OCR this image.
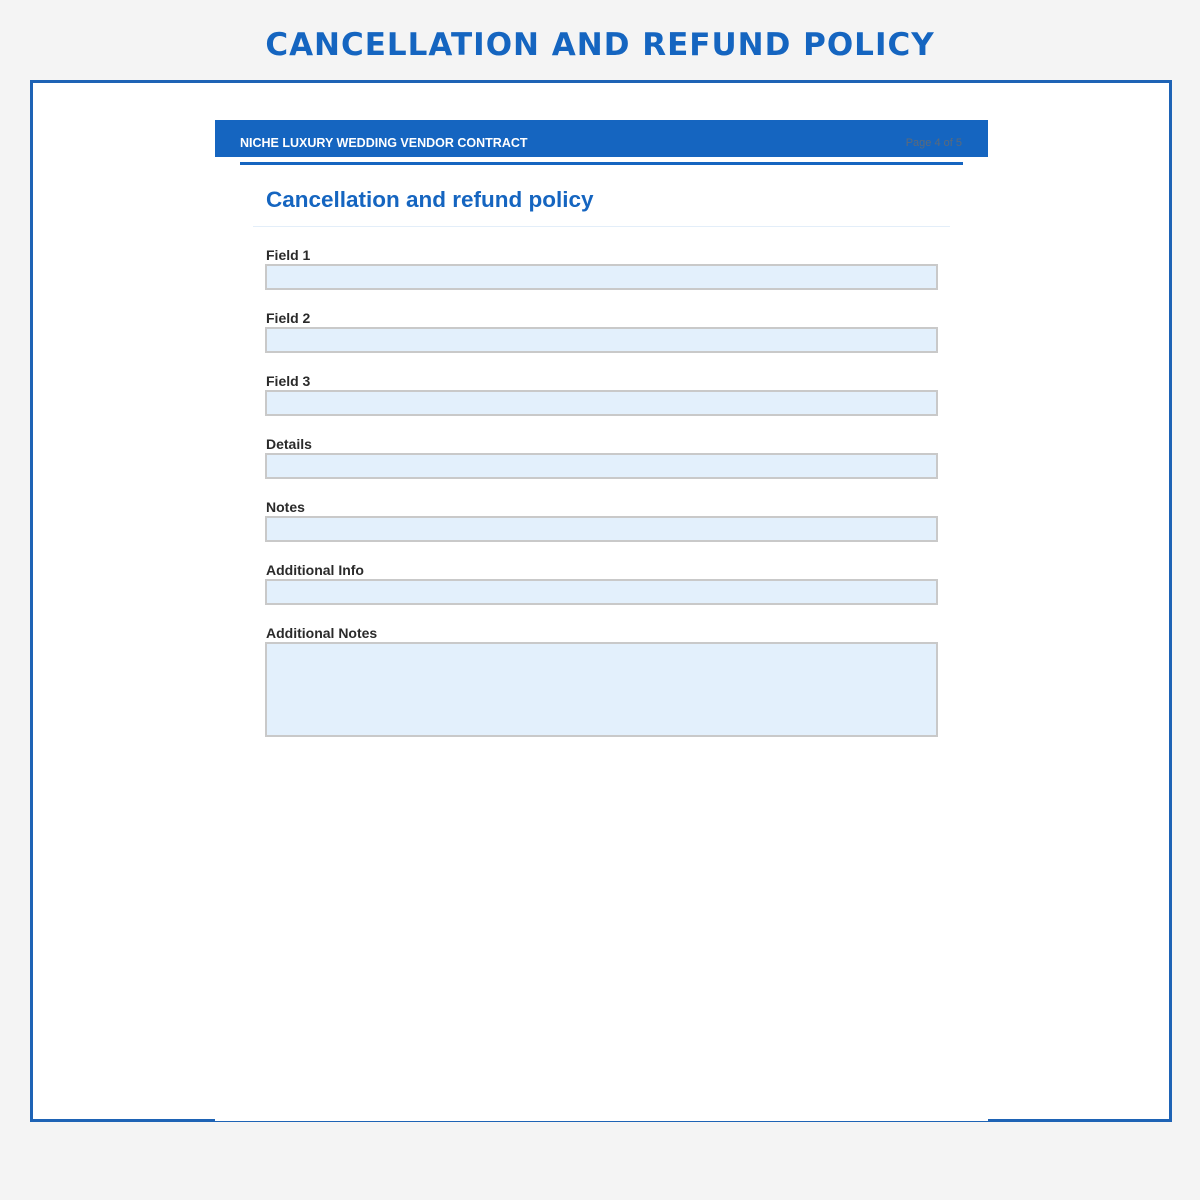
CANCELLATION AND REFUND POLICY
NICHE LUXURY WEDDING VENDOR CONTRACT	Page 4 of 5
Cancellation and refund policy
Field 1
Field 2
Field 3
Details
Notes
Additional Info
Additional Notes
